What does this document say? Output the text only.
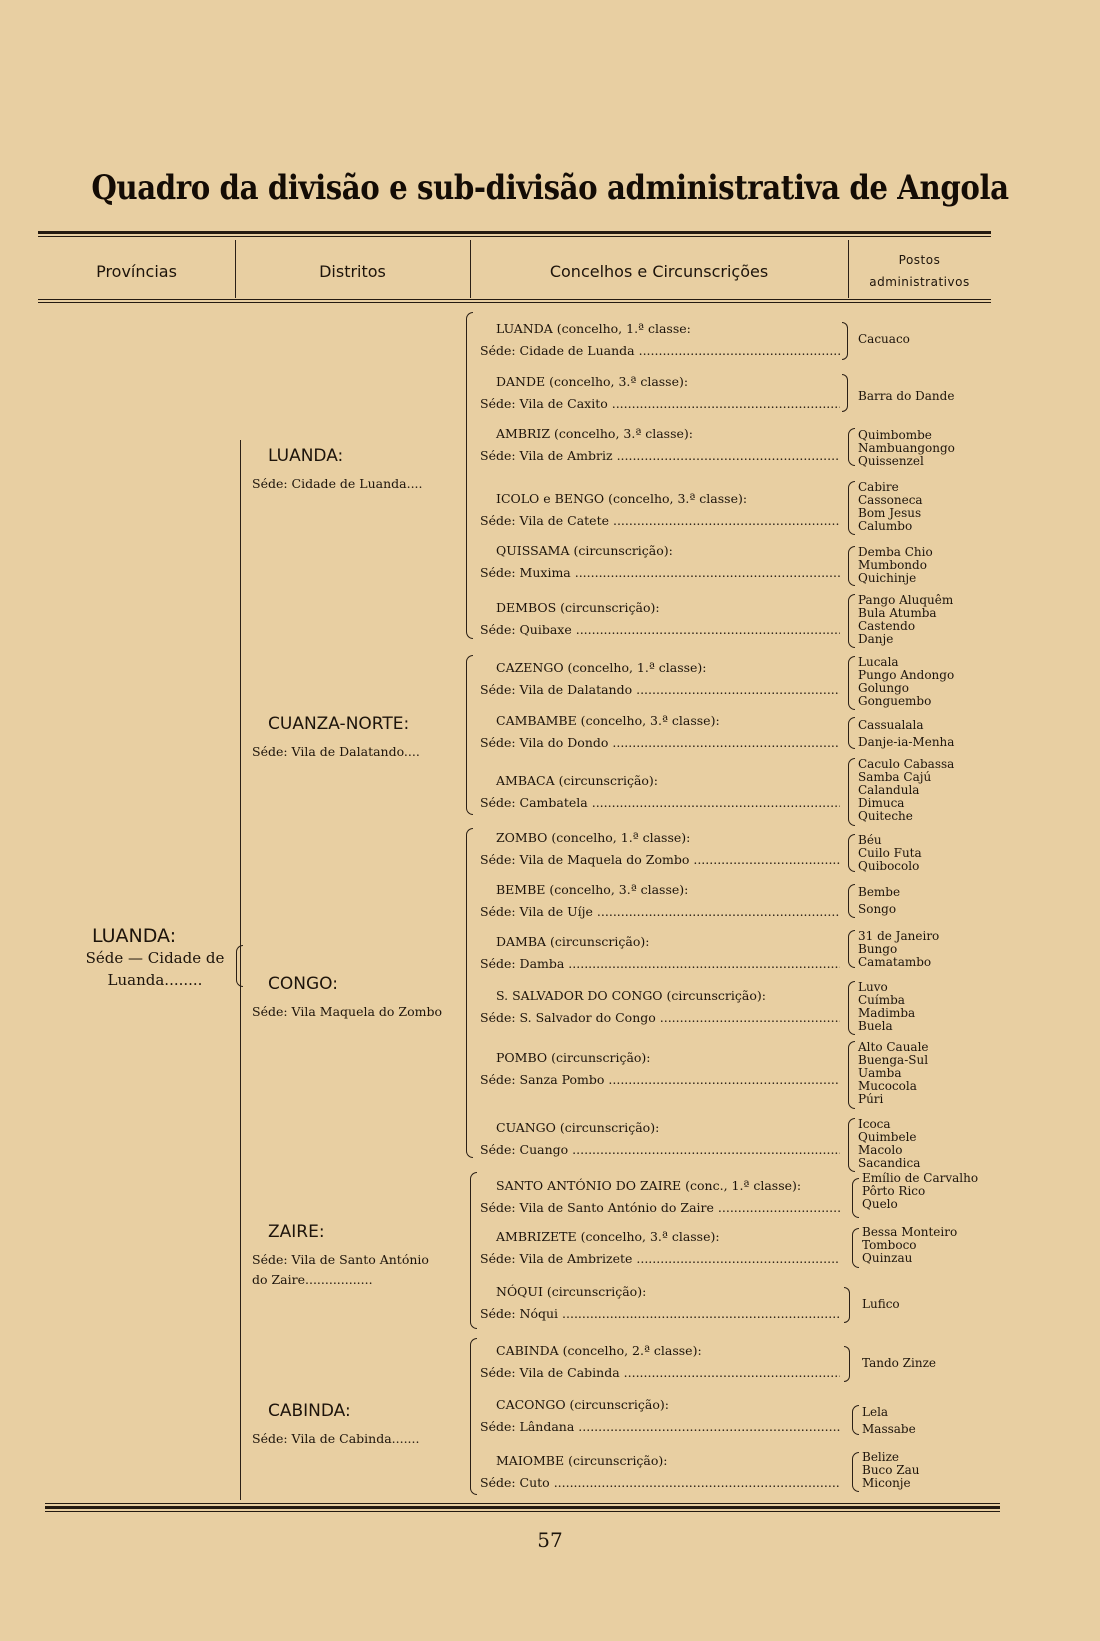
Quadro da divisão e sub-divisão administrativa de Angola
Províncias	Distritos	Concelhos e Circunscrições
Postos
administrativos
LUANDA:
Séde — Cidade de
Luanda........
LUANDA:
Séde: Cidade de Luanda....
CUANZA-NORTE:
Séde: Vila de Dalatando....
CONGO:
Séde: Vila Maquela do Zombo
ZAIRE:
Séde: Vila de Santo António
do Zaire.................
CABINDA:
Séde: Vila de Cabinda.......
LUANDA (concelho, 1.ª classe:
Séde: Cidade de Luanda .....
DANDE (concelho, 3.ª classe):
Séde: Vila de Caxito .....
AMBRIZ (concelho, 3.ª classe):
Séde: Vila de Ambriz .....
ICOLO e BENGO (concelho, 3.ª classe):
Séde: Vila de Catete .....
QUISSAMA (circunscrição):
Séde: Muxima .....
DEMBOS (circunscrição):
Séde: Quibaxe .....
CAZENGO (concelho, 1.ª classe):
Séde: Vila de Dalatando .....
CAMBAMBE (concelho, 3.ª classe):
Séde: Vila do Dondo .....
AMBACA (circunscrição):
Séde: Cambatela .....
ZOMBO (concelho, 1.ª classe):
Séde: Vila de Maquela do Zombo .....
BEMBE (concelho, 3.ª classe):
Séde: Vila de Uíje .....
DAMBA (circunscrição):
Séde: Damba .....
S. SALVADOR DO CONGO (circunscrição):
Séde: S. Salvador do Congo .....
POMBO (circunscrição):
Séde: Sanza Pombo .....
CUANGO (circunscrição):
Séde: Cuango .....
SANTO ANTÓNIO DO ZAIRE (conc., 1.ª classe):
Séde: Vila de Santo António do Zaire .....
AMBRIZETE (concelho, 3.ª classe):
Séde: Vila de Ambrizete .....
NÓQUI (circunscrição):
Séde: Nóqui .....
CABINDA (concelho, 2.ª classe):
Séde: Vila de Cabinda .....
CACONGO (circunscrição):
Séde: Lândana .....
MAIOMBE (circunscrição):
Séde: Cuto .....
Cacuaco
Barra do Dande
Quimbombe
Nambuangongo
Quissenzel
Cabire
Cassoneca
Bom Jesus
Calumbo
Demba Chio
Mumbondo
Quichinje
Pango Aluquêm
Bula Atumba
Castendo
Danje
Lucala
Pungo Andongo
Golungo
Gonguembo
Cassualala
Danje-ia-Menha
Caculo Cabassa
Samba Cajú
Calandula
Dimuca
Quiteche
Béu
Cuilo Futa
Quibocolo
Bembe
Songo
31 de Janeiro
Bungo
Camatambo
Luvo
Cuímba
Madimba
Buela
Alto Cauale
Buenga-Sul
Uamba
Mucocola
Púri
Icoca
Quimbele
Macolo
Sacandica
Emílio de Carvalho
Pôrto Rico
Quelo
Bessa Monteiro
Tomboco
Quinzau
Lufico
Tando Zinze
Lela
Massabe
Belize
Buco Zau
Miconje
57
